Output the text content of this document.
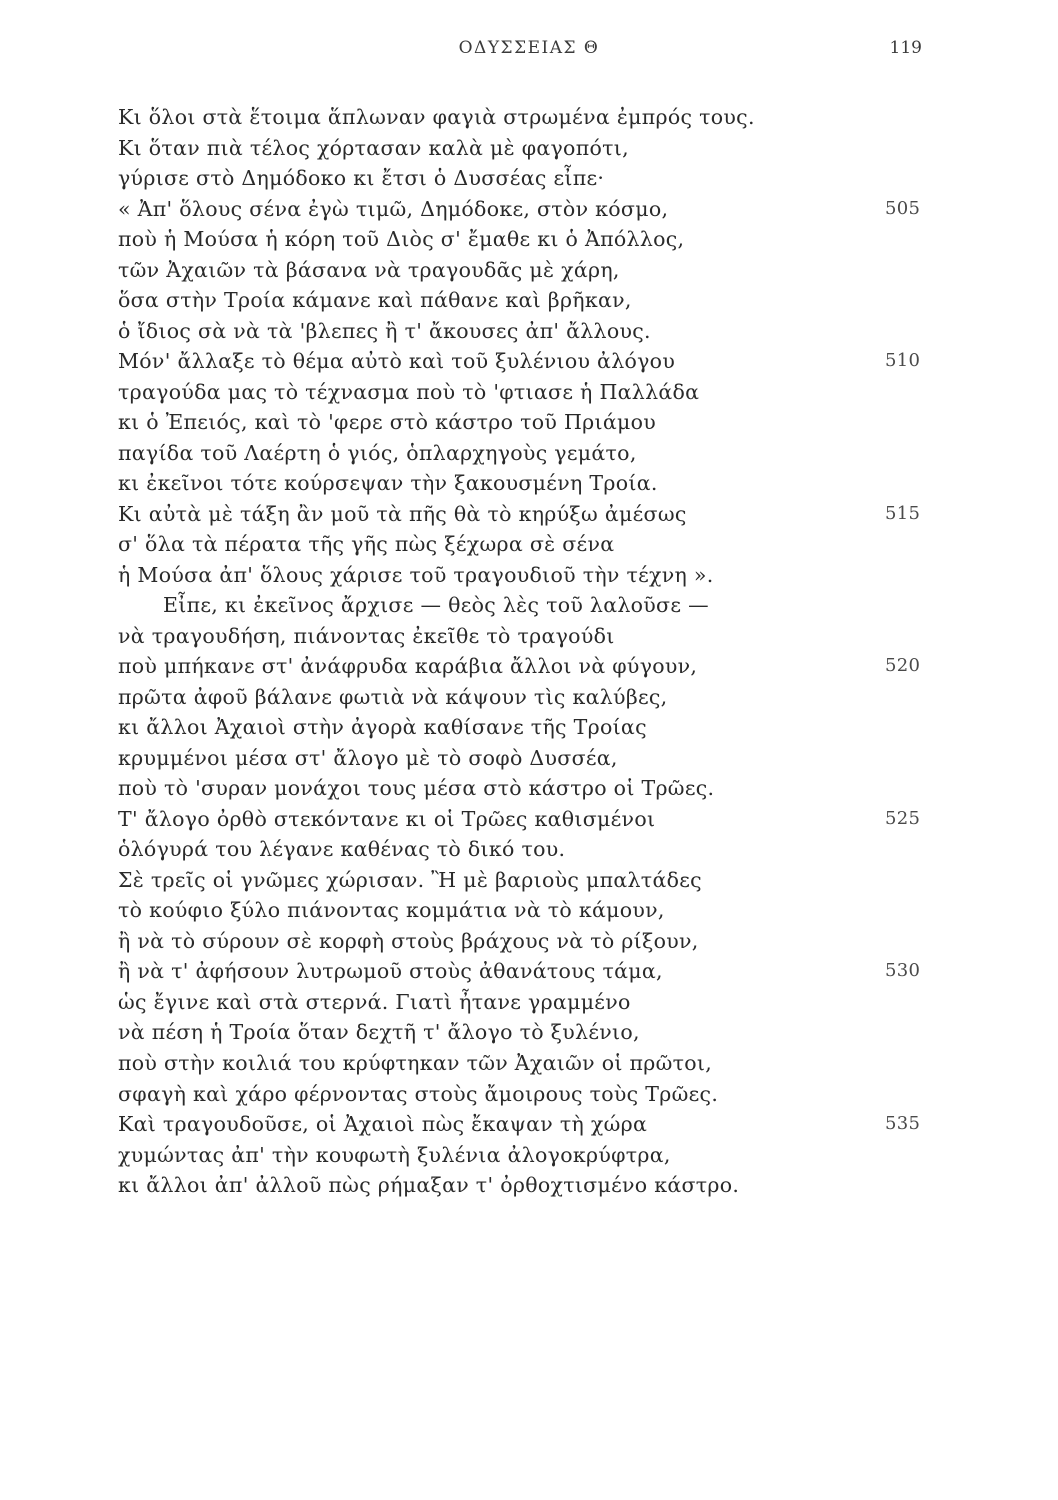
ΟΔΥΣΣΕΙΑΣ Θ	119
Κι ὅλοι στὰ ἕτοιμα ἅπλωναν φαγιὰ στρωμένα ἐμπρός τους.
Κι ὅταν πιὰ τέλος χόρτασαν καλὰ μὲ φαγοπότι,
γύρισε στὸ Δημόδοκο κι ἔτσι ὁ Δυσσέας εἶπε·
« Ἀπ' ὅλους σένα ἐγὼ τιμῶ, Δημόδοκε, στὸν κόσμο,	505
ποὺ ἡ Μούσα ἡ κόρη τοῦ Διὸς σ' ἔμαθε κι ὁ Ἀπόλλος,
τῶν Ἀχαιῶν τὰ βάσανα νὰ τραγουδᾶς μὲ χάρη,
ὅσα στὴν Τροία κάμανε καὶ πάθανε καὶ βρῆκαν,
ὁ ἴδιος σὰ νὰ τὰ 'βλεπες ἢ τ' ἄκουσες ἀπ' ἄλλους.
Μόν' ἄλλαξε τὸ θέμα αὐτὸ καὶ τοῦ ξυλένιου ἀλόγου	510
τραγούδα μας τὸ τέχνασμα ποὺ τὸ 'φτιασε ἡ Παλλάδα
κι ὁ Ἐπειός, καὶ τὸ 'φερε στὸ κάστρο τοῦ Πριάμου
παγίδα τοῦ Λαέρτη ὁ γιός, ὁπλαρχηγοὺς γεμάτο,
κι ἐκεῖνοι τότε κούρσεψαν τὴν ξακουσμένη Τροία.
Κι αὐτὰ μὲ τάξη ἂν μοῦ τὰ πῆς θὰ τὸ κηρύξω ἀμέσως	515
σ' ὅλα τὰ πέρατα τῆς γῆς πὼς ξέχωρα σὲ σένα
ἡ Μούσα ἀπ' ὅλους χάρισε τοῦ τραγουδιοῦ τὴν τέχνη ».
Εἶπε, κι ἐκεῖνος ἄρχισε — θεὸς λὲς τοῦ λαλοῦσε —
νὰ τραγουδήση, πιάνοντας ἐκεῖθε τὸ τραγούδι
ποὺ μπήκανε στ' ἀνάφρυδα καράβια ἄλλοι νὰ φύγουν,	520
πρῶτα ἀφοῦ βάλανε φωτιὰ νὰ κάψουν τὶς καλύβες,
κι ἄλλοι Ἀχαιοὶ στὴν ἀγορὰ καθίσανε τῆς Τροίας
κρυμμένοι μέσα στ' ἄλογο μὲ τὸ σοφὸ Δυσσέα,
ποὺ τὸ 'συραν μονάχοι τους μέσα στὸ κάστρο οἱ Τρῶες.
Τ' ἄλογο ὀρθὸ στεκόντανε κι οἱ Τρῶες καθισμένοι	525
ὁλόγυρά του λέγανε καθένας τὸ δικό του.
Σὲ τρεῖς οἱ γνῶμες χώρισαν. Ἢ μὲ βαριοὺς μπαλτάδες
τὸ κούφιο ξύλο πιάνοντας κομμάτια νὰ τὸ κάμουν,
ἢ νὰ τὸ σύρουν σὲ κορφὴ στοὺς βράχους νὰ τὸ ρίξουν,
ἢ νὰ τ' ἀφήσουν λυτρωμοῦ στοὺς ἀθανάτους τάμα,	530
ὡς ἔγινε καὶ στὰ στερνά. Γιατὶ ἦτανε γραμμένο
νὰ πέση ἡ Τροία ὅταν δεχτῆ τ' ἄλογο τὸ ξυλένιο,
ποὺ στὴν κοιλιά του κρύφτηκαν τῶν Ἀχαιῶν οἱ πρῶτοι,
σφαγὴ καὶ χάρο φέρνοντας στοὺς ἄμοιρους τοὺς Τρῶες.
Καὶ τραγουδοῦσε, οἱ Ἀχαιοὶ πὼς ἔκαψαν τὴ χώρα	535
χυμώντας ἀπ' τὴν κουφωτὴ ξυλένια ἀλογοκρύφτρα,
κι ἄλλοι ἀπ' ἀλλοῦ πὼς ρήμαξαν τ' ὀρθοχτισμένο κάστρο.
